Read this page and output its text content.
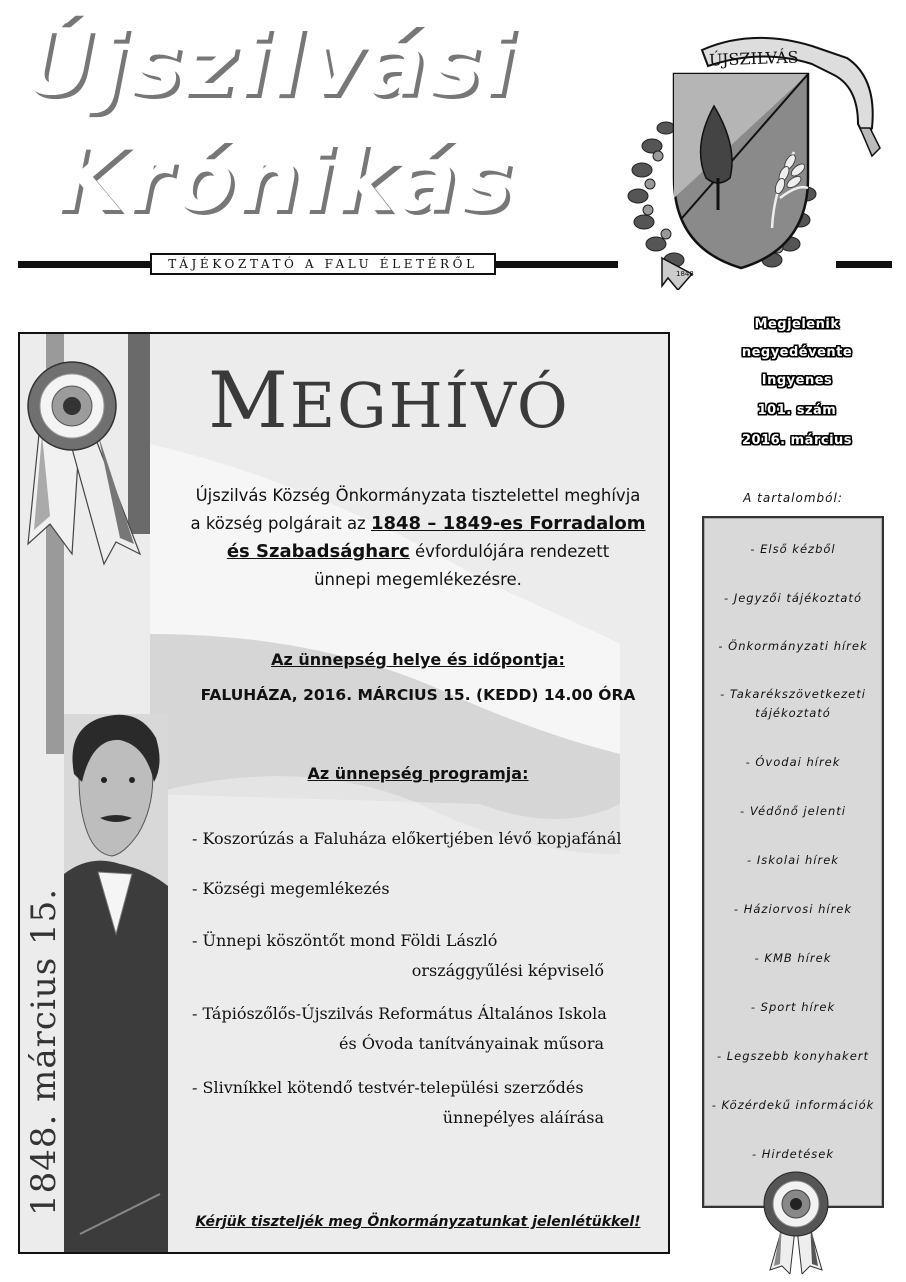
Újszilvási
Krónikás
TÁJÉKOZTATÓ A FALU ÉLETÉRŐL
ÚJSZILVÁS
1848
Megjelenik
negyedévente
Ingyenes
101. szám
2016. március
A tartalomból:
- Első kézből
- Jegyzői tájékoztató
- Önkormányzati hírek
- Takarékszövetkezeti
tájékoztató
- Óvodai hírek
- Védőnő jelenti
- Iskolai hírek
- Háziorvosi hírek
- KMB hírek
- Sport hírek
- Legszebb konyhakert
- Közérdekű információk
- Hirdetések
MEGHÍVÓ
Újszilvás Község Önkormányzata tisztelettel meghívja
a község polgárait az 1848 – 1849-es Forradalom
és Szabadságharc évfordulójára rendezett
ünnepi megemlékezésre.
Az ünnepség helye és időpontja:
FALUHÁZA, 2016. MÁRCIUS 15. (KEDD) 14.00 ÓRA
Az ünnepség programja:
- Koszorúzás a Faluháza előkertjében lévő kopjafánál
- Községi megemlékezés
- Ünnepi köszöntőt mond Földi László
országgyűlési képviselő
- Tápiószőlős-Újszilvás Református Általános Iskola
és Óvoda tanítványainak műsora
- Slivníkkel kötendő testvér-települési szerződés
ünnepélyes aláírása
Kérjük tiszteljék meg Önkormányzatunkat jelenlétükkel!
1848. március 15.
